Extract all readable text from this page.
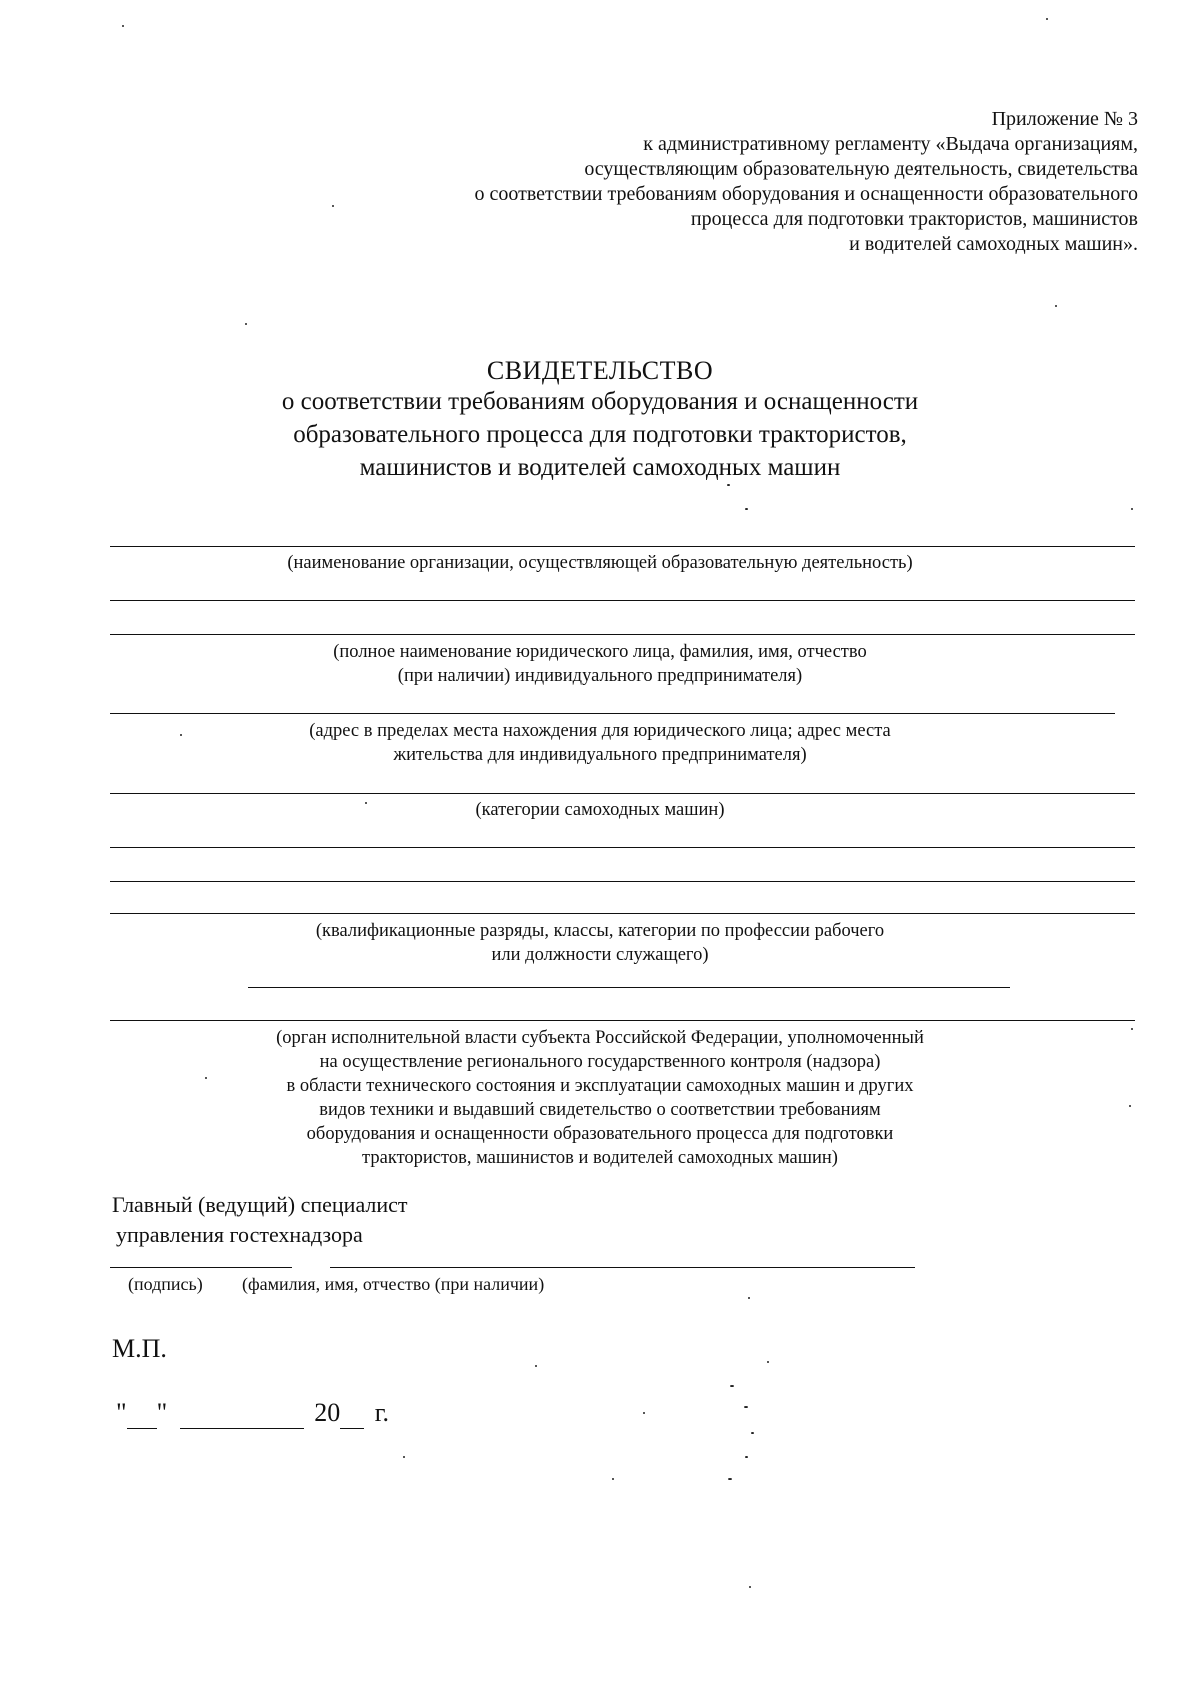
Приложение № 3
к административному регламенту «Выдача организациям,
осуществляющим образовательную деятельность, свидетельства
о соответствии требованиям оборудования и оснащенности образовательного
процесса для подготовки трактористов, машинистов
и водителей самоходных машин».
СВИДЕТЕЛЬСТВО
о соответствии требованиям оборудования и оснащенности
образовательного процесса для подготовки трактористов,
машинистов и водителей самоходных машин
(наименование организации, осуществляющей образовательную деятельность)
(полное наименование юридического лица, фамилия, имя, отчество
(при наличии) индивидуального предпринимателя)
(адрес в пределах места нахождения для юридического лица; адрес места
жительства для индивидуального предпринимателя)
(категории самоходных машин)
(квалификационные разряды, классы, категории по профессии рабочего
или должности служащего)
(орган исполнительной власти субъекта Российской Федерации, уполномоченный
на осуществление регионального государственного контроля (надзора)
в области технического состояния и эксплуатации самоходных машин и других
видов техники и выдавший свидетельство о соответствии требованиям
оборудования и оснащенности образовательного процесса для подготовки
трактористов, машинистов и водителей самоходных машин)
Главный (ведущий) специалист
управления гостехнадзора
(подпись) (фамилия, имя, отчество (при наличии)
М.П.
" "	20 г.
